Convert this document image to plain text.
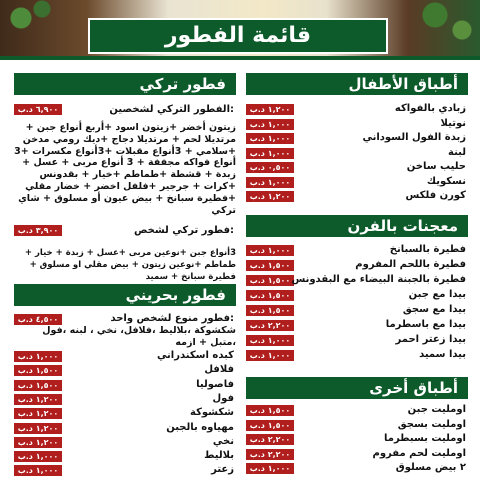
قائمة الفطور
أطباق الأطفال
١,٢٠٠ د.ب	زبادي بالفواكه
١,٠٠٠ د.ب	نوتيلا
١,٠٠٠ د.ب	زبدة الفول السوداني
١,٠٠٠ د.ب	لبنة
٠,٥٠٠ د.ب	حليب ساخن
١,٠٠٠ د.ب	نسكويك
١,٢٠٠ د.ب	كورن فلكس
معجنات بالفرن
١,٠٠٠ د.ب	فطيرة بالسبانخ
١,٥٠٠ د.ب	فطيرة باللحم المفروم
١,٥٠٠ د.ب فطيرة بالجبنة البيضاء مع البقدونس
١,٥٠٠ د.ب	بيدا مع جبن
١,٥٠٠ د.ب	بيدا مع سجق
٢,٢٠٠ د.ب	بيدا مع باسطرما
١,٠٠٠ د.ب	بيدا زعتر احمر
١,٠٠٠ د.ب	بيدا سميد
أطباق أخرى
١,٥٠٠ د.ب	اومليت جبن
١,٥٠٠ د.ب	اومليت بسجق
٢,٢٠٠ د.ب	اومليت بسبطرما
٢,٢٠٠ د.ب	اومليت لحم مفروم
١,٠٠٠ د.ب	٢ بيض مسلوق
فطور تركي
٦,٩٠٠ د.ب	الفطور التركي لشخصين:
زيتون أخضر +زيتون اسود +أربع أنواع جبن + مرتديلا لحم + مرتديلا دجاج +ديك رومي مدخن +سلامي + 3أنواع مقبلات +3أنواع مكسرات +3 أنواع فواكه مجففة + 3 أنواع مربى + عسل + زبدة + قشطة +طماطم +خيار + بقدونس +كرات + جرجير +فلفل اخضر + خضار مقلي +فطيرة سبانخ + بيض عيون أو مسلوق + شاي تركي
٣,٩٠٠ د.ب	فطور تركي لشخص:
3أنواع جبن +نوعين مربى +عسل + زبدة + خيار + طماطم +نوعين زيتون + بيض مقلي او مسلوق + فطيرة سبانخ + سميد
فطور بحريني
٤,٥٠٠ د.ب	فطور منوع لشخص واحد:
شكشوكة ،بلاليط ،فلافل، نخي ، لبنه ،فول ،متبل + ازمه
١,٠٠٠ د.ب	كبده اسكندراني
١,٥٠٠ د.ب	فلافل
١,٥٠٠ د.ب	فاصوليا
١,٢٠٠ د.ب	فول
١,٢٠٠ د.ب	شكشوكة
١,٢٠٠ د.ب	مهياوه بالجبن
١,٢٠٠ د.ب	نخي
١,٠٠٠ د.ب	بلاليط
١,٠٠٠ د.ب	زعتر
